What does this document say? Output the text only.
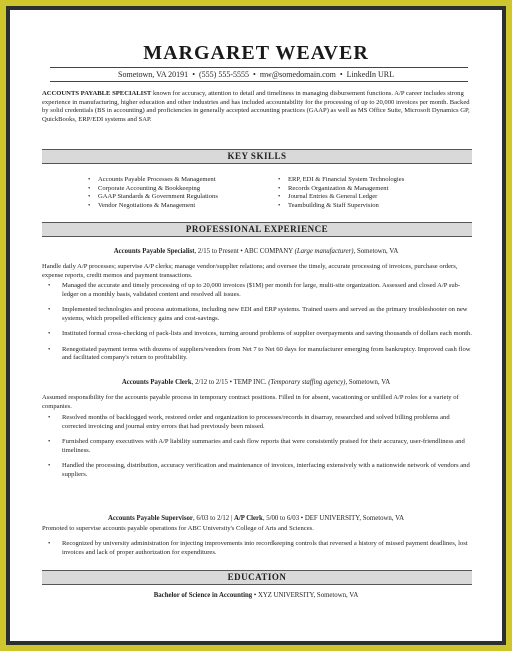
MARGARET WEAVER
Sometown, VA 20191 • (555) 555-5555 • mw@somedomain.com • LinkedIn URL
ACCOUNTS PAYABLE SPECIALIST known for accuracy, attention to detail and timeliness in managing disbursement functions. A/P career includes strong experience in manufacturing, higher education and other industries and has included accountability for the processing of up to 20,000 invoices per month. Backed by solid credentials (BS in accounting) and proficiencies in generally accepted accounting practices (GAAP) as well as MS Office Suite, Microsoft Dynamics GP, QuickBooks, ERP/EDI systems and SAP.
KEY SKILLS
• Accounts Payable Processes & Management
• Corporate Accounting & Bookkeeping
• GAAP Standards & Government Regulations
• Vendor Negotiations & Management
• ERP, EDI & Financial System Technologies
• Records Organization & Management
• Journal Entries & General Ledger
• Teambuilding & Staff Supervision
PROFESSIONAL EXPERIENCE
Accounts Payable Specialist, 2/15 to Present • ABC COMPANY (Large manufacturer), Sometown, VA
Handle daily A/P processes; supervise A/P clerks; manage vendor/supplier relations; and oversee the timely, accurate processing of invoices, purchase orders, expense reports, credit memos and payment transactions.
• Managed the accurate and timely processing of up to 20,000 invoices ($1M) per month for large, multi-site organization. Assessed and closed A/P sub-ledger on a monthly basis, validated content and resolved all issues.
• Implemented technologies and process automations, including new EDI and ERP systems. Trained users and served as the primary troubleshooter on new systems, which propelled efficiency gains and cost-savings.
• Instituted formal cross-checking of pack-lists and invoices, turning around problems of supplier overpayments and saving thousands of dollars each month.
• Renegotiated payment terms with dozens of suppliers/vendors from Net 7 to Net 60 days for manufacturer emerging from bankruptcy. Improved cash flow and facilitated company's return to profitability.
Accounts Payable Clerk, 2/12 to 2/15 • TEMP INC. (Temporary staffing agency), Sometown, VA
Assumed responsibility for the accounts payable process in temporary contract positions. Filled in for absent, vacationing or unfilled A/P roles for a variety of companies.
• Resolved months of backlogged work, restored order and organization to processes/records in disarray, researched and solved billing problems and corrected invoicing and journal entry errors that had previously been missed.
• Furnished company executives with A/P liability summaries and cash flow reports that were consistently praised for their accuracy, user-friendliness and timeliness.
• Handled the processing, distribution, accuracy verification and maintenance of invoices, interfacing extensively with a nationwide network of vendors and suppliers.
Accounts Payable Supervisor, 6/03 to 2/12 | A/P Clerk, 5/00 to 6/03 • DEF UNIVERSITY, Sometown, VA
Promoted to supervise accounts payable operations for ABC University's College of Arts and Sciences.
• Recognized by university administration for injecting improvements into recordkeeping controls that reversed a history of missed payment deadlines, lost invoices and lack of proper authorization for expenditures.
EDUCATION
Bachelor of Science in Accounting • XYZ UNIVERSITY, Sometown, VA
